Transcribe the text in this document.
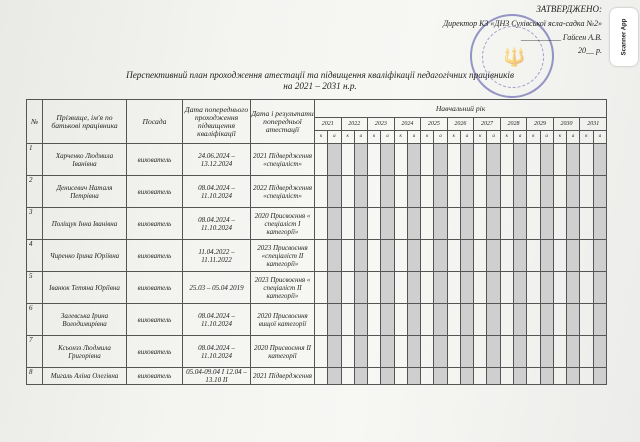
🔱
ЗАТВЕРДЖЕНО:
Директор КЗ «ДНЗ Сухівської ясла-садка №2»
__________ Гайсен А.В.
20__ р.	Scanner App
Перспективний план проходження атестації та підвищення кваліфікації педагогічних працівників
на 2021 – 2031 н.р.
№	Прізвище, ім'я по батькові працівника	Посада	Дата попереднього проходження підвищення кваліфікації	Дата і результати попередньої атестації	Навчальний рік																					
					2021		2022		2023		2024		2025		2026		2027		2028		2029		2030		2031	
					к	а	к	а	к	а	к	а	к	а	к	а	к	а	к	а	к	а	к	а	к	а
1	Харченко Людмила Іванівна	вихователь	24.06.2024 – 13.12.2024	2021 Підвердження «спеціаліст»																						
2	Денисевич Наталя Петрівна	вихователь	08.04.2024 – 11.10.2024	2022 Підвердження «спеціаліст»																						
3	Поліщук Інна Іванівна	вихователь	08.04.2024 – 11.10.2024	2020 Присвоєння « спеціаліст І категорії»																						
4	Чиренко Ірина Юріївна	вихователь	11.04.2022 – 11.11.2022	2023 Присвоєння «спеціаліст ІІ категорії»																						
5	Іванюк Тетяна Юріївна	вихователь	25.03 – 05.04 2019	2023 Присвоєння « спеціаліст ІІ категорії»																						
6	Залевська Ірина Володимирівна	вихователь	08.04.2024 – 11.10.2024	2020 Присвоєння вищої категорії																						
7	Ксьонзз Людмила Григорівна	вихователь	08.04.2024 – 11.10.2024	2020 Присвоєння ІІ категорії																						
8	Мигаль Аліна Олегівна	вихователь	05.04-09.04 І 12.04 – 13.10 ІІ	2021 Підвердження																						
